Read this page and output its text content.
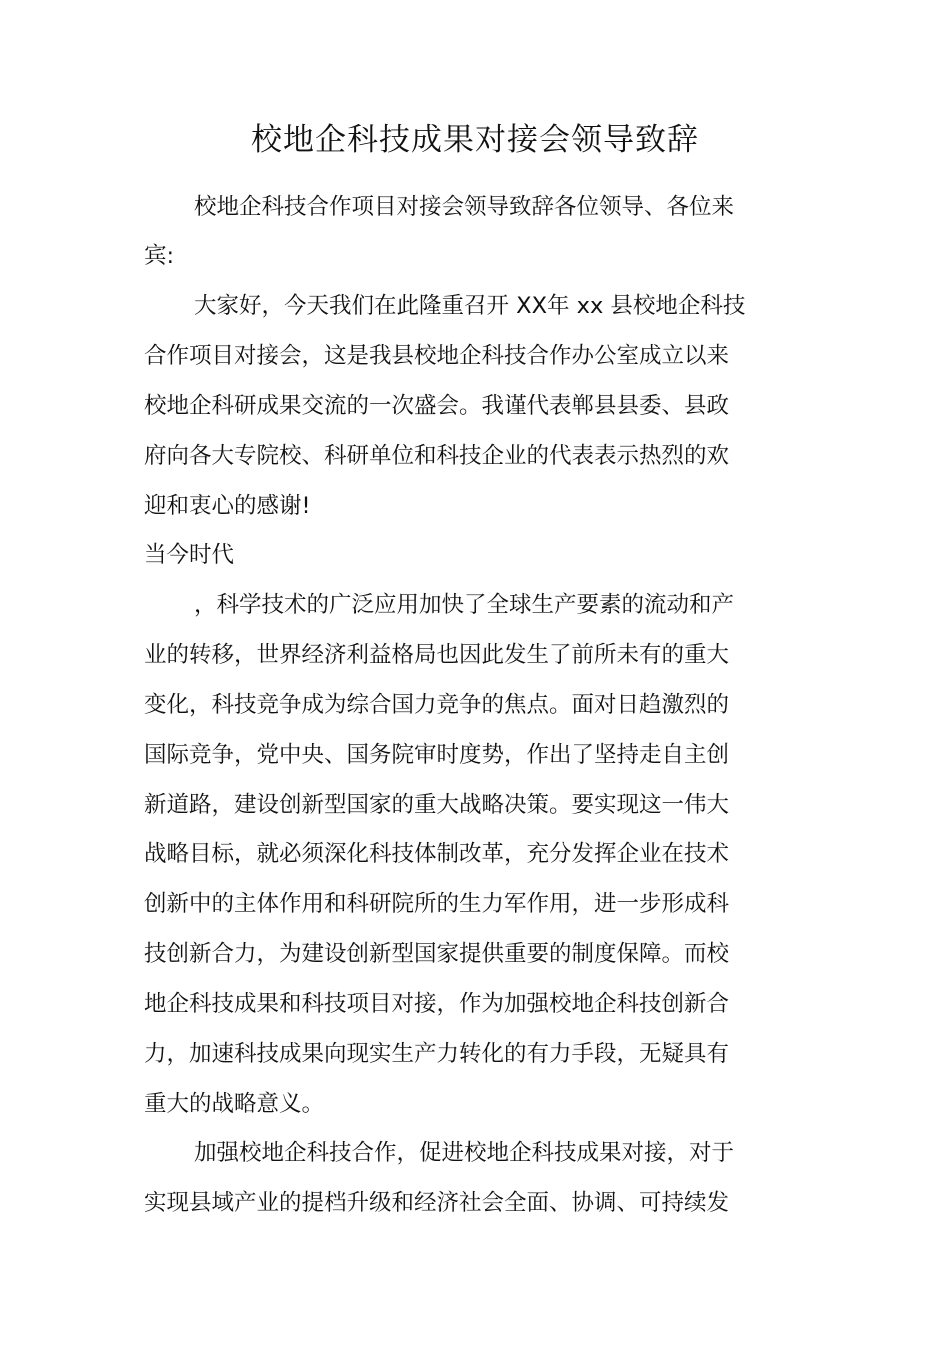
校地企科技成果对接会领导致辞
校地企科技合作项目对接会领导致辞各位领导、各位来
宾:
大家好，今天我们在此隆重召开 XX年 xx 县校地企科技
合作项目对接会，这是我县校地企科技合作办公室成立以来
校地企科研成果交流的一次盛会。我谨代表郸县县委、县政
府向各大专院校、科研单位和科技企业的代表表示热烈的欢
迎和衷心的感谢!
当今时代
，科学技术的广泛应用加快了全球生产要素的流动和产
业的转移，世界经济利益格局也因此发生了前所未有的重大
变化，科技竞争成为综合国力竞争的焦点。面对日趋激烈的
国际竞争，党中央、国务院审时度势，作出了坚持走自主创
新道路，建设创新型国家的重大战略决策。要实现这一伟大
战略目标，就必须深化科技体制改革，充分发挥企业在技术
创新中的主体作用和科研院所的生力军作用，进一步形成科
技创新合力，为建设创新型国家提供重要的制度保障。而校
地企科技成果和科技项目对接，作为加强校地企科技创新合
力，加速科技成果向现实生产力转化的有力手段，无疑具有
重大的战略意义。
加强校地企科技合作，促进校地企科技成果对接，对于
实现县域产业的提档升级和经济社会全面、协调、可持续发
